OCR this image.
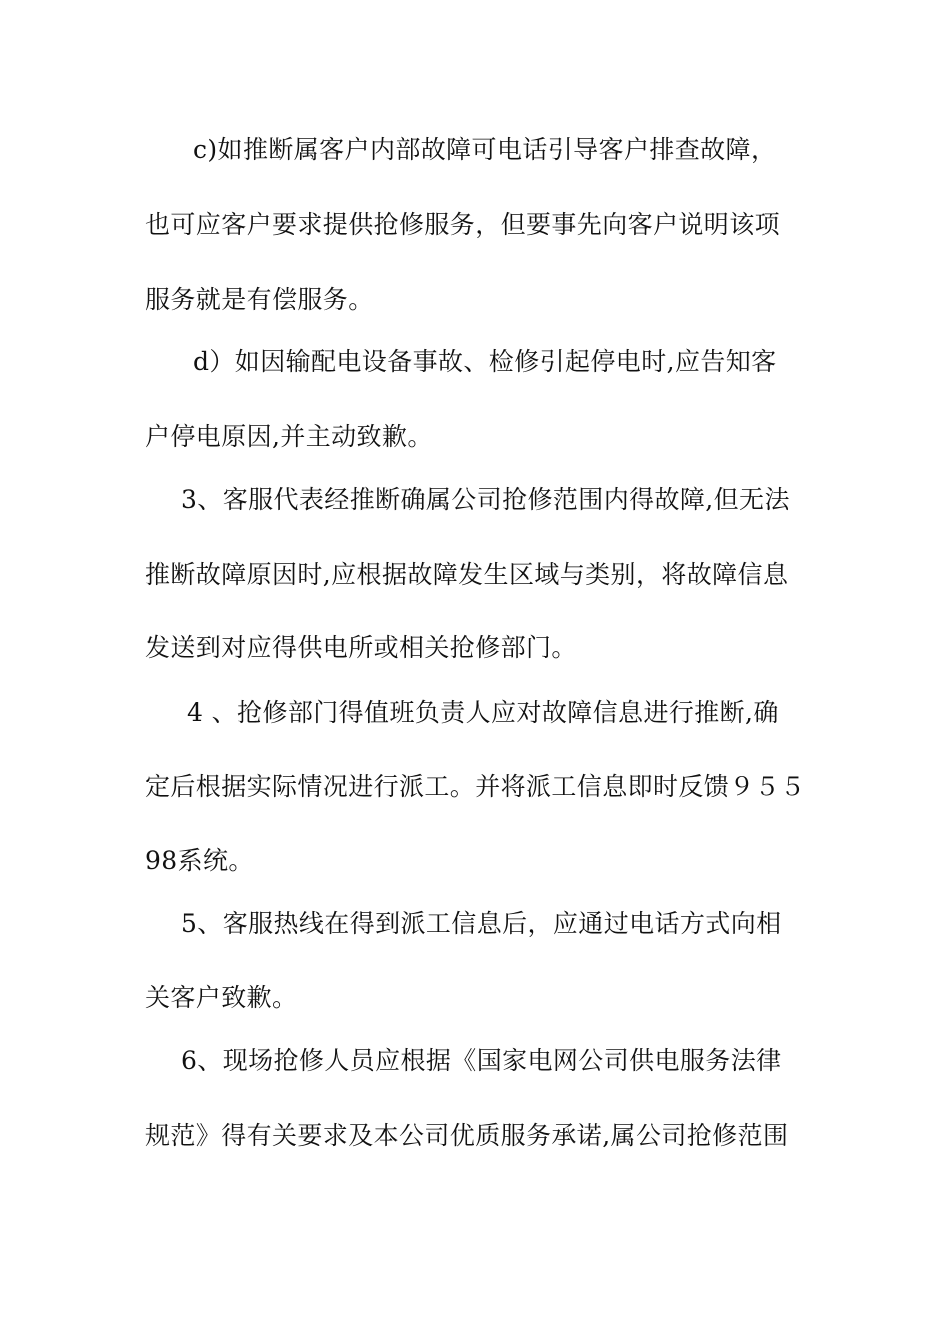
c)如推断属客户内部故障可电话引导客户排查故障，
也可应客户要求提供抢修服务，但要事先向客户说明该项
服务就是有偿服务。
d）如因输配电设备事故、检修引起停电时,应告知客
户停电原因,并主动致歉。
3、客服代表经推断确属公司抢修范围内得故障,但无法
推断故障原因时,应根据故障发生区域与类别，将故障信息
发送到对应得供电所或相关抢修部门。
4 、抢修部门得值班负责人应对故障信息进行推断,确
定后根据实际情况进行派工。并将派工信息即时反馈９５５
98系统。
5、客服热线在得到派工信息后，应通过电话方式向相
关客户致歉。
6、现场抢修人员应根据《国家电网公司供电服务法律
规范》得有关要求及本公司优质服务承诺,属公司抢修范围
